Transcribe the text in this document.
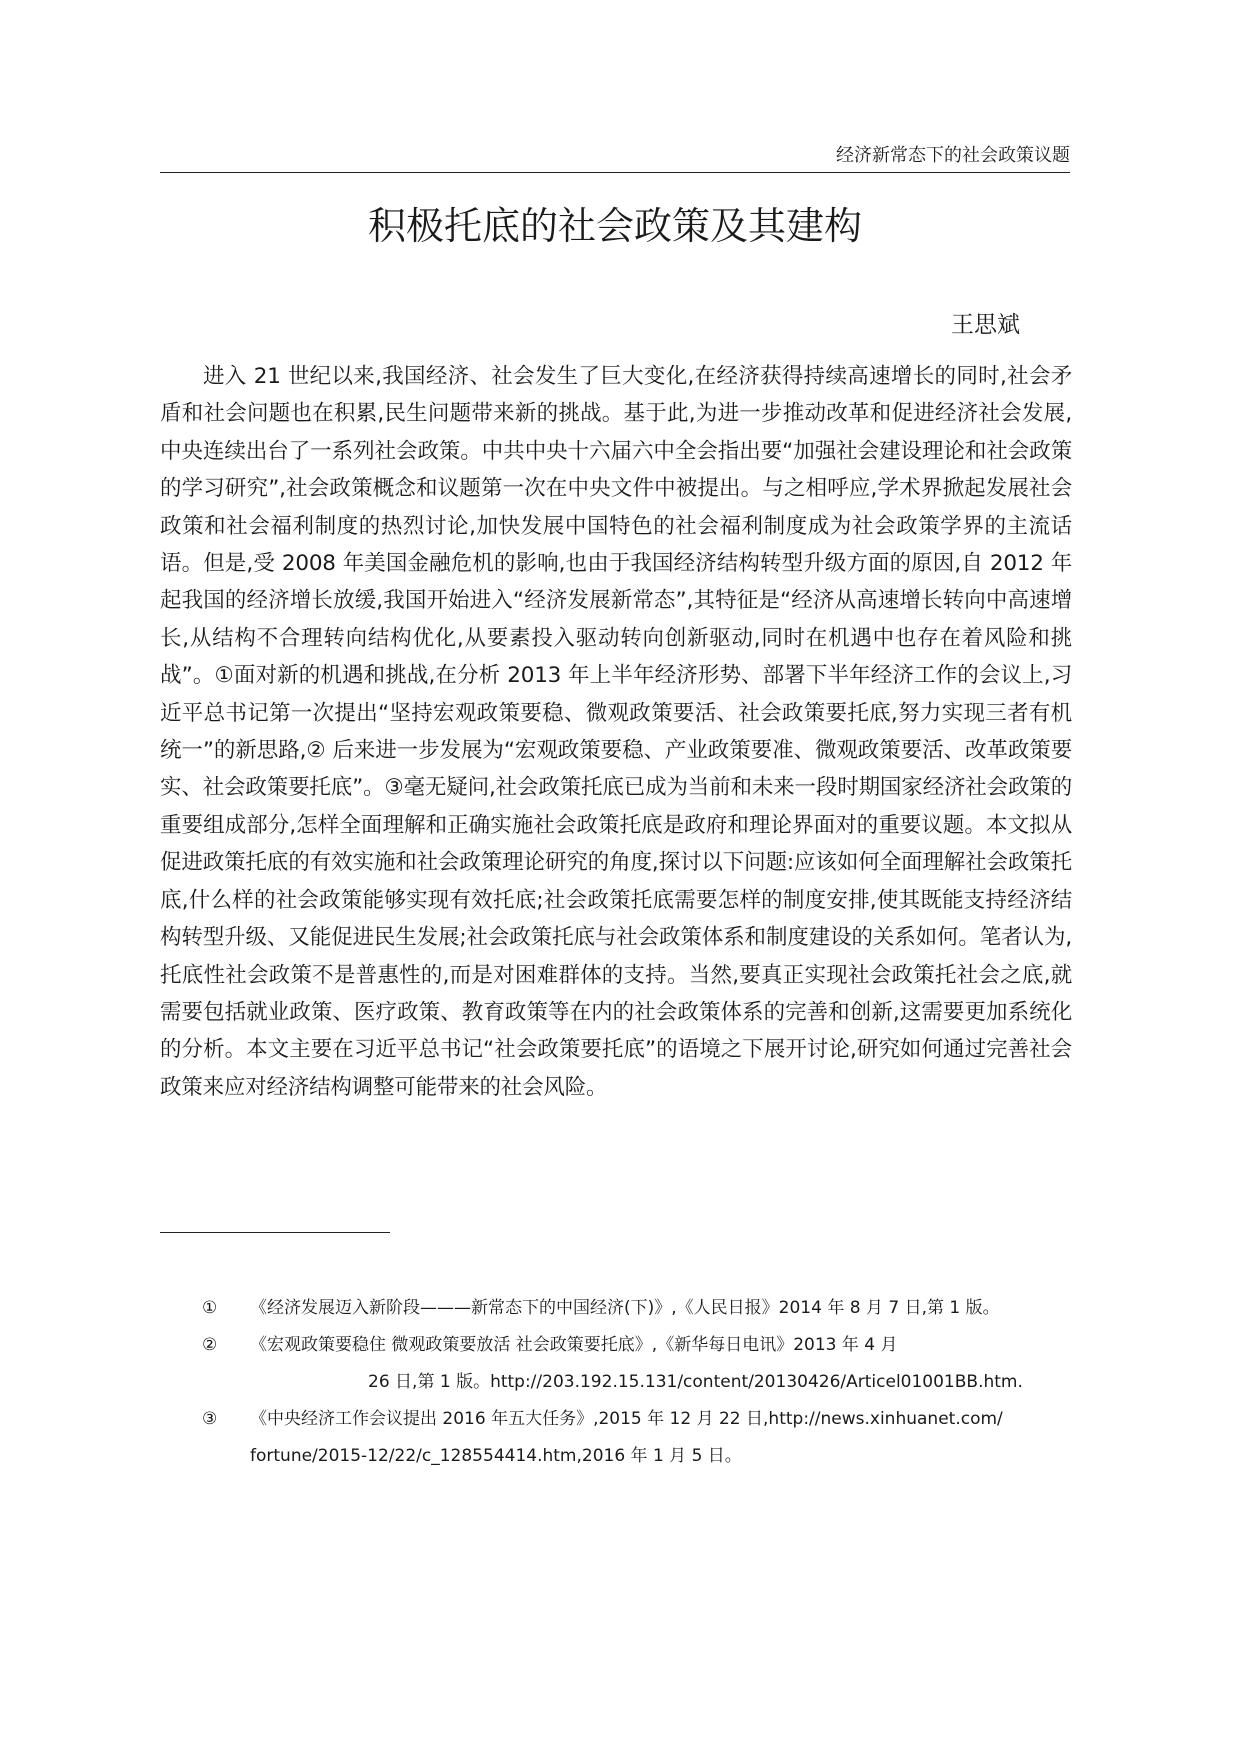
经济新常态下的社会政策议题
积极托底的社会政策及其建构
王思斌

进入 21 世纪以来,我国经济、社会发生了巨大变化,在经济获得持续高速增长的同时,社会矛盾和社会问题也在积累,民生问题带来新的挑战。基于此,为进一步推动改革和促进经济社会发展,中央连续出台了一系列社会政策。中共中央十六届六中全会指出要“加强社会建设理论和社会政策的学习研究”,社会政策概念和议题第一次在中央文件中被提出。与之相呼应,学术界掀起发展社会政策和社会福利制度的热烈讨论,加快发展中国特色的社会福利制度成为社会政策学界的主流话语。但是,受 2008 年美国金融危机的影响,也由于我国经济结构转型升级方面的原因,自 2012 年起我国的经济增长放缓,我国开始进入“经济发展新常态”,其特征是“经济从高速增长转向中高速增长,从结构不合理转向结构优化,从要素投入驱动转向创新驱动,同时在机遇中也存在着风险和挑战”。①面对新的机遇和挑战,在分析 2013 年上半年经济形势、部署下半年经济工作的会议上,习近平总书记第一次提出“坚持宏观政策要稳、微观政策要活、社会政策要托底,努力实现三者有机统一”的新思路,② 后来进一步发展为“宏观政策要稳、产业政策要准、微观政策要活、改革政策要实、社会政策要托底”。③毫无疑问,社会政策托底已成为当前和未来一段时期国家经济社会政策的重要组成部分,怎样全面理解和正确实施社会政策托底是政府和理论界面对的重要议题。本文拟从促进政策托底的有效实施和社会政策理论研究的角度,探讨以下问题:应该如何全面理解社会政策托底,什么样的社会政策能够实现有效托底;社会政策托底需要怎样的制度安排,使其既能支持经济结构转型升级、又能促进民生发展;社会政策托底与社会政策体系和制度建设的关系如何。笔者认为,托底性社会政策不是普惠性的,而是对困难群体的支持。当然,要真正实现社会政策托社会之底,就需要包括就业政策、医疗政策、教育政策等在内的社会政策体系的完善和创新,这需要更加系统化的分析。本文主要在习近平总书记“社会政策要托底”的语境之下展开讨论,研究如何通过完善社会政策来应对经济结构调整可能带来的社会风险。

①	《经济发展迈入新阶段———新常态下的中国经济(下)》,《人民日报》2014 年 8 月 7 日,第 1 版。
②	《宏观政策要稳住 微观政策要放活 社会政策要托底》,《新华每日电讯》2013 年 4 月
26 日,第 1 版。http://203.192.15.131/content/20130426/Articel01001BB.htm.
③	《中央经济工作会议提出 2016 年五大任务》,2015 年 12 月 22 日,http://news.xinhuanet.com/
fortune/2015-12/22/c_128554414.htm,2016 年 1 月 5 日。
